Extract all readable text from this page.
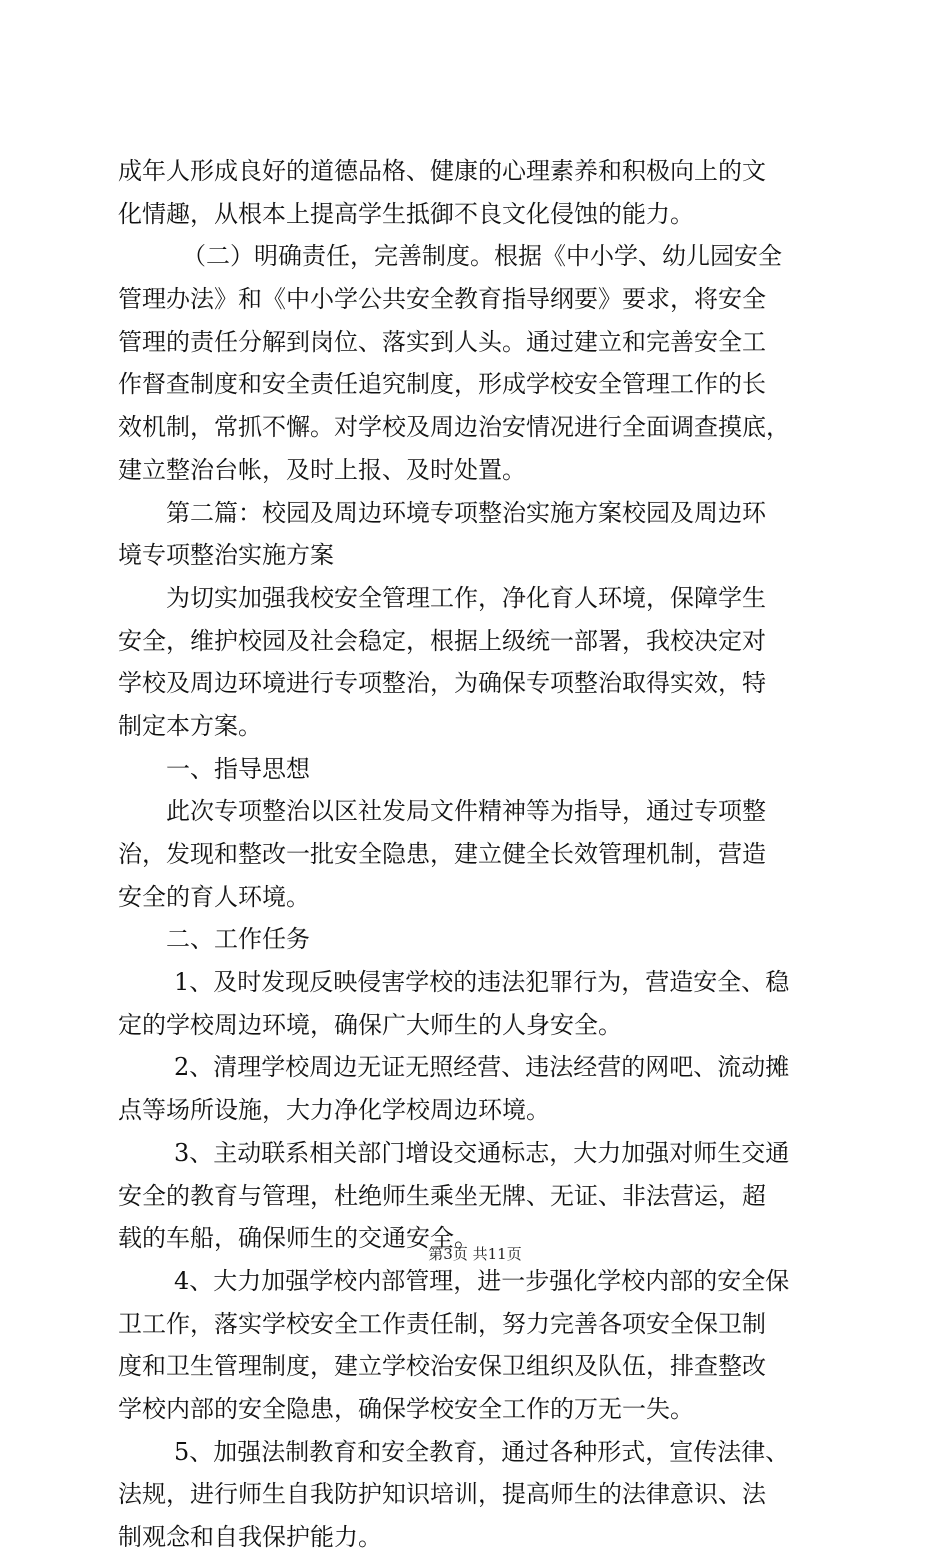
成年人形成良好的道德品格、健康的心理素养和积极向上的文
化情趣，从根本上提高学生抵御不良文化侵蚀的能力。
（二）明确责任，完善制度。根据《中小学、幼儿园安全
管理办法》和《中小学公共安全教育指导纲要》要求，将安全
管理的责任分解到岗位、落实到人头。通过建立和完善安全工
作督查制度和安全责任追究制度，形成学校安全管理工作的长
效机制，常抓不懈。对学校及周边治安情况进行全面调查摸底，
建立整治台帐，及时上报、及时处置。
第二篇：校园及周边环境专项整治实施方案校园及周边环
境专项整治实施方案
为切实加强我校安全管理工作，净化育人环境，保障学生
安全，维护校园及社会稳定，根据上级统一部署，我校决定对
学校及周边环境进行专项整治，为确保专项整治取得实效，特
制定本方案。
一、指导思想
此次专项整治以区社发局文件精神等为指导，通过专项整
治，发现和整改一批安全隐患，建立健全长效管理机制，营造
安全的育人环境。
二、工作任务
1、及时发现反映侵害学校的违法犯罪行为，营造安全、稳
定的学校周边环境，确保广大师生的人身安全。
2、清理学校周边无证无照经营、违法经营的网吧、流动摊
点等场所设施，大力净化学校周边环境。
3、主动联系相关部门增设交通标志，大力加强对师生交通
安全的教育与管理，杜绝师生乘坐无牌、无证、非法营运，超
载的车船，确保师生的交通安全。
4、大力加强学校内部管理，进一步强化学校内部的安全保
卫工作，落实学校安全工作责任制，努力完善各项安全保卫制
度和卫生管理制度，建立学校治安保卫组织及队伍，排查整改
学校内部的安全隐患，确保学校安全工作的万无一失。
5、加强法制教育和安全教育，通过各种形式，宣传法律、
法规，进行师生自我防护知识培训，提高师生的法律意识、法
制观念和自我保护能力。
第3页 共11页
